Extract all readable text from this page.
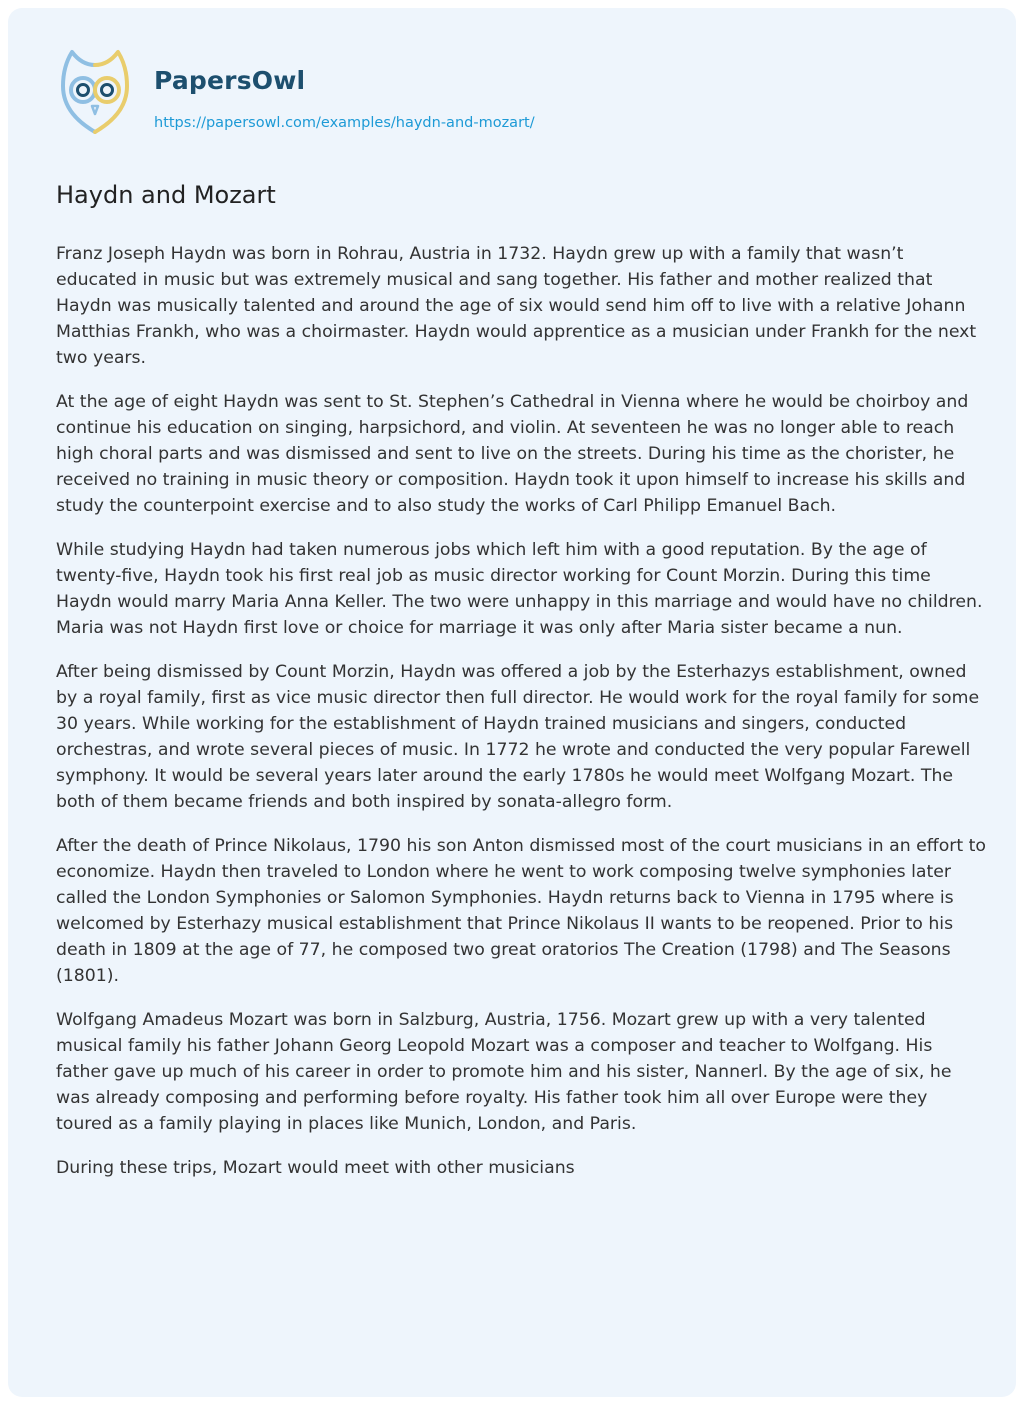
PapersOwl
https://papersowl.com/examples/haydn-and-mozart/
Haydn and Mozart

Franz Joseph Haydn was born in Rohrau, Austria in 1732. Haydn grew up with a family that wasn’t educated in music but was extremely musical and sang together. His father and mother realized that Haydn was musically talented and around the age of six would send him off to live with a relative Johann Matthias Frankh, who was a choirmaster. Haydn would apprentice as a musician under Frankh for the next two years.

At the age of eight Haydn was sent to St. Stephen’s Cathedral in Vienna where he would be choirboy and continue his education on singing, harpsichord, and violin. At seventeen he was no longer able to reach high choral parts and was dismissed and sent to live on the streets. During his time as the chorister, he received no training in music theory or composition. Haydn took it upon himself to increase his skills and study the counterpoint exercise and to also study the works of Carl Philipp Emanuel Bach.

While studying Haydn had taken numerous jobs which left him with a good reputation. By the age of twenty-five, Haydn took his first real job as music director working for Count Morzin. During this time Haydn would marry Maria Anna Keller. The two were unhappy in this marriage and would have no children. Maria was not Haydn first love or choice for marriage it was only after Maria sister became a nun.

After being dismissed by Count Morzin, Haydn was offered a job by the Esterhazys establishment, owned by a royal family, first as vice music director then full director. He would work for the royal family for some 30 years. While working for the establishment of Haydn trained musicians and singers, conducted orchestras, and wrote several pieces of music. In 1772 he wrote and conducted the very popular Farewell symphony. It would be several years later around the early 1780s he would meet Wolfgang Mozart. The both of them became friends and both inspired by sonata-allegro form.

After the death of Prince Nikolaus, 1790 his son Anton dismissed most of the court musicians in an effort to economize. Haydn then traveled to London where he went to work composing twelve symphonies later called the London Symphonies or Salomon Symphonies. Haydn returns back to Vienna in 1795 where is welcomed by Esterhazy musical establishment that Prince Nikolaus II wants to be reopened. Prior to his death in 1809 at the age of 77, he composed two great oratorios The Creation (1798) and The Seasons (1801).

Wolfgang Amadeus Mozart was born in Salzburg, Austria, 1756. Mozart grew up with a very talented musical family his father Johann Georg Leopold Mozart was a composer and teacher to Wolfgang. His father gave up much of his career in order to promote him and his sister, Nannerl. By the age of six, he was already composing and performing before royalty. His father took him all over Europe were they toured as a family playing in places like Munich, London, and Paris.

During these trips, Mozart would meet with other musicians
